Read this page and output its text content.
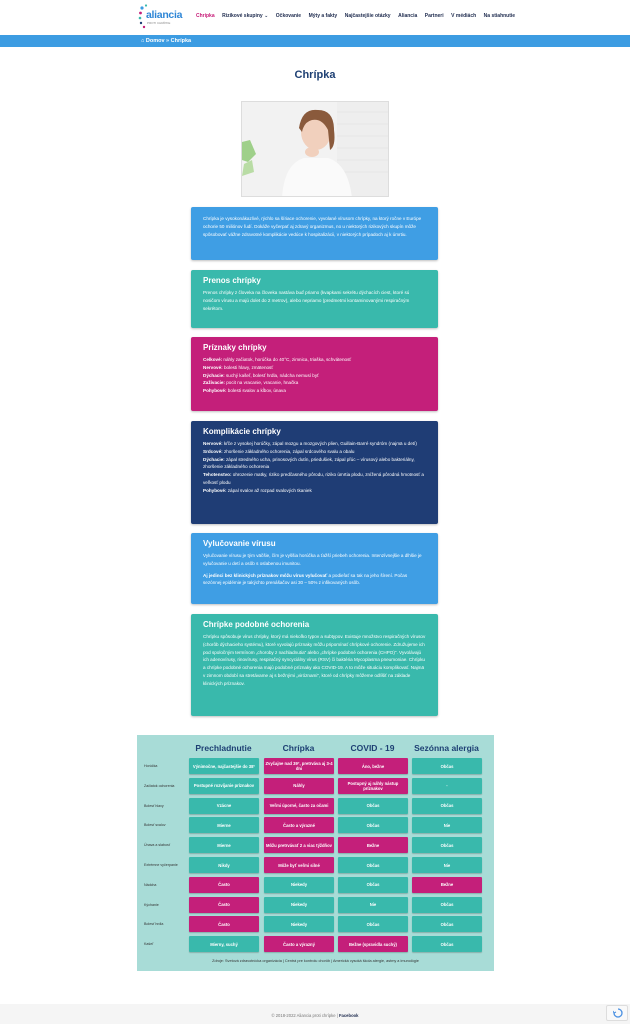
aliancia
PROTI CHRÍPKE
Chrípka Rizikové skupiny ⌄ Očkovanie Mýty a fakty Najčastejšie otázky Aliancia Partneri V médiách Na stiahnutie
⌂ Domov » Chrípka
Chrípka

Chrípka je vysokonákazlivé, rýchlo sa šíriace ochorenie, vyvolané vírusom chrípky, na ktorý ročne v Európe ochorie 50 miliónov ľudí. Dokáže vyčerpať aj zdravý organizmus, no u niektorých rizikových skupín môže spôsobovať vážne zdravotné komplikácie vedúce k hospitalizácii, v niektorých prípadoch aj k úmrtiu.

Prenos chrípky

Prenos chrípky z človeka na človeka nastáva buď priamo (kvapkami sekrétu dýchacích ciest, ktoré sú nosičom vírusu a majú dolet do 2 metrov), alebo nepriamo (predmetmi kontaminovanými respiračným sekrétom.

Príznaky chrípky

Celkové: náhly začiatok, horúčka do 40°C, zimnica, triaška, schvátenosť

Nervové: bolesti hlavy, zmätenosť

Dýchacie: suchý kašeľ, bolesť hrdla, nádcha nemusí byť

Zažívacie: pocit na vracanie, vracanie, hnačka

Pohybové: bolesti svalov a kĺbov, únava

Komplikácie chrípky

Nervové: kŕče z vysokej horúčky, zápal mozgu a mozgových plien, Guillain-Barré syndróm (najmä u detí)

Srdcové: zhoršenie základného ochorenia, zápal srdcového svalu a obalu

Dýchacie: zápal stredného ucha, prinosových dutín, priedušiek, zápal pľúc – vírusový alebo bakteriálny, zhoršenie základného ochorenia

Tehotenstvo: ohrozenie matky, riziko predčasného pôrodu, riziko úmrtia plodu, znížená pôrodná hmotnosť a veľkosť plodu

Pohybové: zápal svalov až rozpad svalových tkaniek

Vylučovanie vírusu

Vylučovanie vírusu je tým väčšie, čím je vyššia horúčka a ťažší priebeh ochorenia. Intenzívnejšie a dlhšie je vylučovanie u detí a osôb s oslabenou imunitou.

Aj jedinci bez klinických príznakov môžu vírus vylučovať a podieľať sa tak na jeho šírení. Počas sezónnej epidémie je takýchto prenášačov asi 30 – 50% z infikovaných osôb.

Chrípke podobné ochorenia

Chrípku spôsobuje vírus chrípky, ktorý má niekoľko typov a subtypov. Existuje množstvo respiračných vírusov (chorôb dýchacieho systému), ktoré vyvolajú príznaky môžu pripomínať chrípkové ochorenie. Združujeme ich pod spoločným termínom „choroby z nachladnutia" alebo „chrípke podobné ochorenia (CHPO)". Vyvolávajú ich adenovírusy, rinovírusy, respiračný syncyciálny vírus (RSV) či baktéria Mycoplasma pneumoniae. Chrípku a chrípke podobné ochorenia majú podobné príznaky ako COVID-19. A to môže situáciu komplikovať. Najmä v zimnom období sa stretávame aj s bežnými „viróznami", ktoré od chrípky môžeme odlíšiť na základe klinických príznakov.

Prechladnutie	Chrípka	COVID - 19	Sezónna alergia
Zdroje: Svetová zdravotnícka organizácia | Centrá pre kontrolu chorôb | Americká vysoká škola alergie, astmy a imunológie
Horúčka	Výnimočne, najčastejšie do 38°	Zvyčajne nad 39°, pretrváva aj 3-4 dni	Áno, bežne	Občas
Začiatok ochorenia	Postupné rozvíjanie príznakov	Náhly	Postupný aj náhly nástup príznakov	-
Bolesť hlavy	Vzácne	Veľmi úporné, často za očami	Občas	Občas
Bolesť svalov	Mierne	Často a výrazné	Občas	Nie
Únava a slabosť	Mierne	Môžu pretrvávať 2 a viac týždňov	Bežne	Občas
Extrémne vyčerpanie	Nikdy	Môže byť veľmi silné	Občas	Nie
Nádcha	Často	Niekedy	Občas	Bežne
Kýchanie	Často	Niekedy	Nie	Občas
Bolesť hrdla	Často	Niekedy	Občas	Občas
Kašeľ	Mierny, suchý	Často a výrazný	Bežne (spravidla suchý)	Občas
© 2018-2022 Aliancia proti chrípke | Facebook
